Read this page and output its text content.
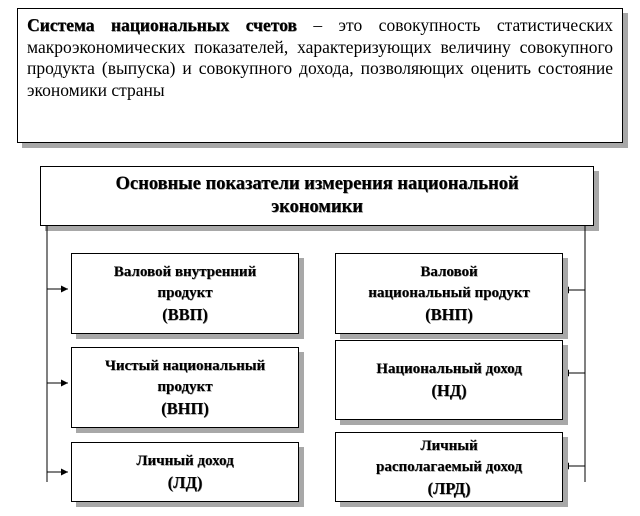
Система национальных счетов – это совокупность статистических макроэкономических показателей, характеризующих величину совокупного продукта (выпуска) и совокупного дохода, позволяющих оценить состояние экономики страны
Основные показатели измерения национальной экономики
Валовой внутренний
продукт
(ВВП)
Чистый национальный
продукт
(ВНП)
Личный доход
(ЛД)
Валовой
национальный продукт
(ВНП)
Национальный доход
(НД)
Личный
располагаемый доход
(ЛРД)
